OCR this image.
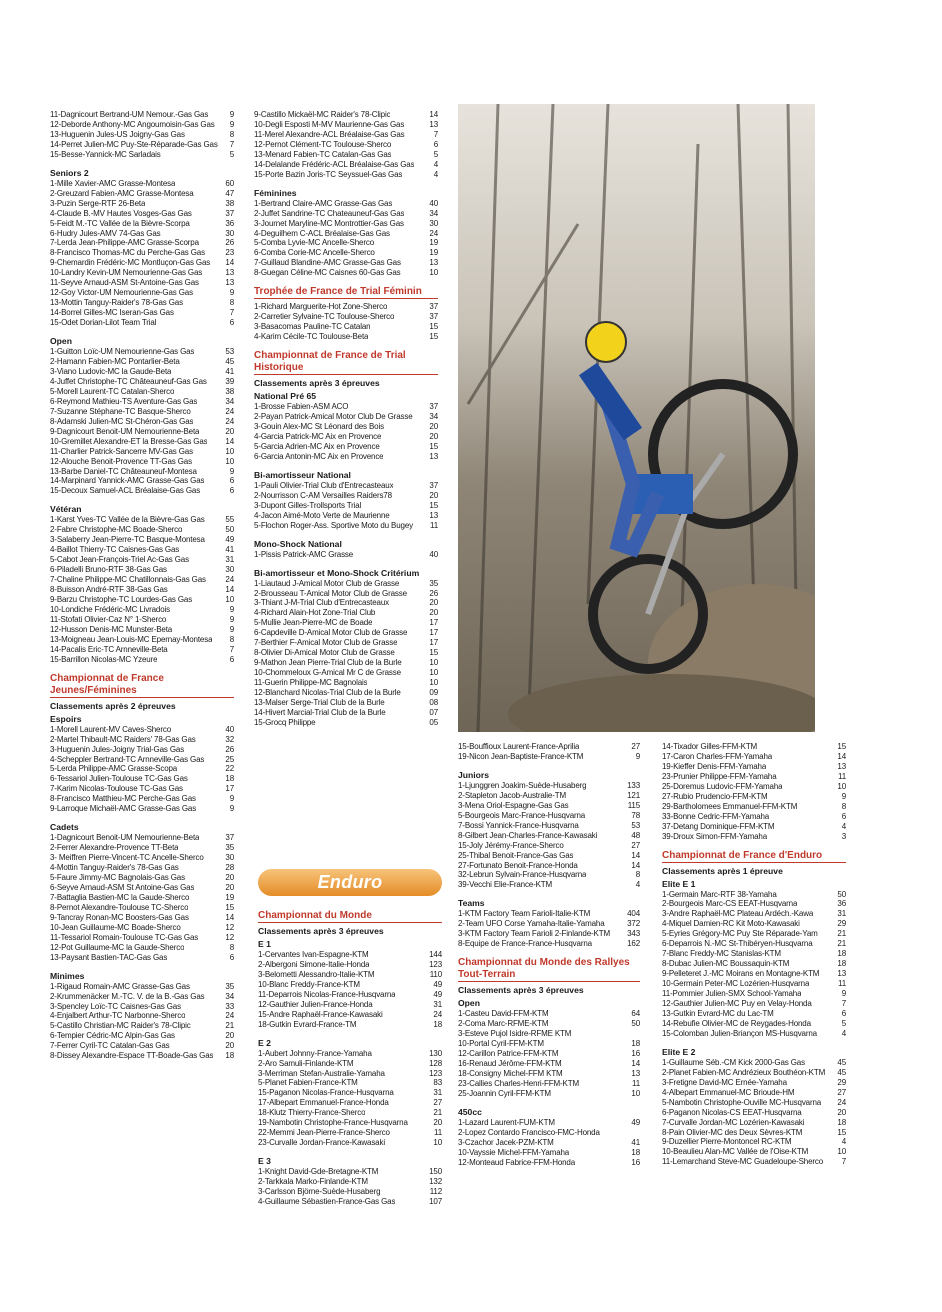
11-Dagnicourt Bertrand-UM Nemour.-Gas Gas	9
12-Deborde Anthony-MC Angoumoisin-Gas Gas 9
13-Huguenin Jules-US Joigny-Gas Gas	8
14-Perret Julien-MC Puy-Ste-Réparade-Gas Gas 7
15-Besse-Yannick-MC Sarladais	5
Seniors 2
1-Mille Xavier-AMC Grasse-Montesa	60
2-Greuzard Fabien-AMC Grasse-Montesa	47
3-Puzin Serge-RTF 26-Beta	38
4-Claude B.-MV Hautes Vosges-Gas Gas	37
5-Feidt M.-TC Vallée de la Bièvre-Scorpa	36
6-Hudry Jules-AMV 74-Gas Gas	30
7-Lerda Jean-Philippe-AMC Grasse-Scorpa	26
8-Francisco Thomas-MC du Perche-Gas Gas	23
9-Chemardin Frédéric-MC Montluçon-Gas Gas 14
10-Landry Kevin-UM Nemourienne-Gas Gas	13
11-Seyve Arnaud-ASM St-Antoine-Gas Gas	13
12-Goy Victor-UM Nemourienne-Gas Gas	9
13-Mottin Tanguy-Raider's 78-Gas Gas	8
14-Borrel Gilles-MC Iseran-Gas Gas	7
15-Odet Dorian-Lilot Team Trial	6
Open
1-Guitton Loïc-UM Nemourienne-Gas Gas	53
2-Hamann Fabien-MC Pontarlier-Beta	45
3-Viano Ludovic-MC la Gaude-Beta	41
4-Juffet Christophe-TC Châteauneuf-Gas Gas 39
5-Morell Laurent-TC Catalan-Sherco	38
6-Reymond Mathieu-TS Aventure-Gas Gas	34
7-Suzanne Stéphane-TC Basque-Sherco	24
8-Adamski Julien-MC St-Chéron-Gas Gas	24
9-Dagnicourt Benoit-UM Nemourienne-Beta	20
10-Gremillet Alexandre-ET la Bresse-Gas Gas 14
11-Charlier Patrick-Sancerre MV-Gas Gas	10
12-Alouche Benoit-Provence TT-Gas Gas	10
13-Barbe Daniel-TC Châteauneuf-Montesa	9
14-Marpinard Yannick-AMC Grasse-Gas Gas	6
15-Decoux Samuel-ACL Bréalaise-Gas Gas	6
Vétéran
1-Karst Yves-TC Vallée de la Bièvre-Gas Gas	55
2-Fabre Christophe-MC Boade-Sherco	50
3-Salaberry Jean-Pierre-TC Basque-Montesa	49
4-Baillot Thierry-TC Caisnes-Gas Gas	41
5-Cabot Jean-François-Triel Ac-Gas Gas	31
6-Piladelli Bruno-RTF 38-Gas Gas	30
7-Chaline Philippe-MC Chatillonnais-Gas Gas 24
8-Buisson André-RTF 38-Gas Gas	14
9-Barzu Christophe-TC Lourdes-Gas Gas	10
10-Londiche Frédéric-MC Livradois	9
11-Stofati Olivier-Caz N° 1-Sherco	9
12-Husson Denis-MC Munster-Beta	9
13-Moigneau Jean-Louis-MC Epernay-Montesa 8
14-Pacalis Eric-TC Arnneville-Beta	7
15-Barrillon Nicolas-MC Yzeure	6
Championnat de France Jeunes/Féminines
Classements après 2 épreuves
Espoirs
1-Morell Laurent-MV Caves-Sherco	40
2-Martel Thibault-MC Raiders' 78-Gas Gas	32
3-Huguenin Jules-Joigny Trial-Gas Gas	26
4-Scheppler Bertrand-TC Arnneville-Gas Gas	25
5-Lerda Philippe-AMC Grasse-Scopa	22
6-Tessariol Julien-Toulouse TC-Gas Gas	18
7-Karim Nicolas-Toulouse TC-Gas Gas	17
8-Francisco Matthieu-MC Perche-Gas Gas	9
9-Larroque Michaël-AMC Grasse-Gas Gas	9
Cadets
1-Dagnicourt Benoit-UM Nemourienne-Beta	37
2-Ferrer Alexandre-Provence TT-Beta	35
3- Meiffren Pierre-Vincent-TC Ancelle-Sherco	30
4-Mottin Tanguy-Raider's 78-Gas Gas	28
5-Faure Jimmy-MC Bagnolais-Gas Gas	20
6-Seyve Arnaud-ASM St Antoine-Gas Gas	20
7-Battaglia Bastien-MC la Gaude-Sherco	19
8-Pernot Alexandre-Toulouse TC-Sherco	15
9-Tancray Ronan-MC Boosters-Gas Gas	14
10-Jean Guillaume-MC Boade-Sherco	12
11-Tessariol Romain-Toulouse TC-Gas Gas	12
12-Pot Guillaume-MC la Gaude-Sherco	8
13-Paysant Bastien-TAC-Gas Gas	6
Minimes
1-Rigaud Romain-AMC Grasse-Gas Gas	35
2-Krummenäcker M.-TC. V. de la B.-Gas Gas	34
3-Spencley Loïc-TC Caisnes-Gas Gas	33
4-Enjalbert Arthur-TC Narbonne-Sherco	24
5-Castillo Christian-MC Raider's 78-Clipic	21
6-Tempier Cédric-MC Alpin-Gas Gas	20
7-Ferrer Cyril-TC Catalan-Gas Gas	20
8-Dissey Alexandre-Espace TT-Boade-Gas Gas 18
9-Castillo Mickaël-MC Raider's 78-Clipic	14
10-Degli Esposti M-MV Maurienne-Gas Gas	13
11-Merel Alexandre-ACL Bréalaise-Gas Gas	7
12-Pernot Clément-TC Toulouse-Sherco	6
13-Menard Fabien-TC Catalan-Gas Gas	5
14-Delalande Frédéric-ACL Bréalaise-Gas Gas 4
15-Porte Bazin Joris-TC Seyssuel-Gas Gas	4
Féminines
1-Bertrand Claire-AMC Grasse-Gas Gas	40
2-Juffet Sandrine-TC Chateauneuf-Gas Gas	34
3-Journet Maryline-MC Montrottier-Gas Gas	30
4-Deguilhem C-ACL Bréalaise-Gas Gas	24
5-Comba Lyvie-MC Ancelle-Sherco	19
6-Comba Corie-MC Ancelle-Sherco	19
7-Guillaud Blandine-AMC Grasse-Gas Gas	13
8-Guegan Céline-MC Caisnes 60-Gas Gas	10
Trophée de France de Trial Féminin
1-Richard Marguerite-Hot Zone-Sherco	37
2-Carretier Sylvaine-TC Toulouse-Sherco	37
3-Basacomas Pauline-TC Catalan	15
4-Karim Cécile-TC Toulouse-Beta	15
Championnat de France de Trial Historique
Classements après 3 épreuves
National Pré 65
1-Brosse Fabien-ASM ACO	37
2-Payan Patrick-Amical Motor Club De Grasse 34
3-Gouin Alex-MC St Léonard des Bois	20
4-Garcia Patrick-MC Aix en Provence	20
5-Garcia Adrien-MC Aix en Provence	15
6-Garcia Antonin-MC Aix en Provence	13
Bi-amortisseur National
1-Pauli Olivier-Trial Club d'Entrecasteaux	37
2-Nourrisson C-AM Versailles Raiders78	20
3-Dupont Gilles-Trollsports Trial	15
4-Jacon Aimé-Moto Verte de Maurienne	13
5-Flochon Roger-Ass. Sportive Moto du Bugey 11
Mono-Shock National
1-Pissis Patrick-AMC Grasse	40
Bi-amortisseur et Mono-Shock Critérium
1-Liautaud J-Amical Motor Club de Grasse	35
2-Brousseau T-Amical Motor Club de Grasse	26
3-Thiant J-M-Trial Club d'Entrecasteaux	20
4-Richard Alain-Hot Zone-Trial Club	20
5-Mullie Jean-Pierre-MC de Boade	17
6-Capdeville D-Amical Motor Club de Grasse	17
7-Berthier F-Amical Motor Club de Grasse	17
8-Olivier Di-Amical Motor Club de Grasse	15
9-Mathon Jean Pierre-Trial Club de la Burle	10
10-Chommeloux G-Amical Mr C de Grasse	10
11-Guerin Philippe-MC Bagnolais	10
12-Blanchard Nicolas-Trial Club de la Burle	09
13-Malser Serge-Trial Club de la Burle	08
14-Hivert Marcial-Trial Club de la Burle	07
15-Grocq Philippe	05
Enduro
Championnat du Monde
Classements après 3 épreuves
E 1
1-Cervantes Ivan-Espagne-KTM	144
2-Albergoni Simone-Italie-Honda	123
3-Belometti Alessandro-Italie-KTM	110
10-Blanc Freddy-France-KTM	49
11-Deparrois Nicolas-France-Husqvarna	49
12-Gauthier Julien-France-Honda	31
15-Andre Raphaël-France-Kawasaki	24
18-Gutkin Evrard-France-TM	18
E 2
1-Aubert Johnny-France-Yamaha	130
2-Aro Samuli-Finlande-KTM	128
3-Merriman Stefan-Australie-Yamaha	123
5-Planet Fabien-France-KTM	83
15-Paganon Nicolas-France-Husqvarna	31
17-Albepart Emmanuel-France-Honda	27
18-Klutz Thierry-France-Sherco	21
19-Nambotin Christophe-France-Husqvarna	20
22-Memmi Jean-Pierre-France-Sherco	11
23-Curvalle Jordan-France-Kawasaki	10
E 3
1-Knight David-Gde-Bretagne-KTM	150
2-Tarkkala Marko-Finlande-KTM	132
3-Carlsson Björne-Suède-Husaberg	112
4-Guillaume Sébastien-France-Gas Gas	107
15-Bouffioux Laurent-France-Aprilia	27
19-Nicon Jean-Baptiste-France-KTM	9
Juniors
1-Ljunggren Joakim-Suède-Husaberg	133
2-Stapleton Jacob-Australie-TM	121
3-Mena Oriol-Espagne-Gas Gas	115
5-Bourgeois Marc-France-Husqvarna	78
7-Bossi Yannick-France-Husqvarna	53
8-Gilbert Jean-Charles-France-Kawasaki	48
15-Joly Jérémy-France-Sherco	27
25-Thibal Benoit-France-Gas Gas	14
27-Fortunato Benoit-France-Honda	14
32-Lebrun Sylvain-France-Husqvarna	8
39-Vecchi Elie-France-KTM	4
Teams
1-KTM Factory Team Farioli-Italie-KTM	404
2-Team UFO Corse Yamaha-Italie-Yamaha	372
3-KTM Factory Team Farioli 2-Finlande-KTM 343
8-Equipe de France-France-Husqvarna	162
Championnat du Monde des Rallyes Tout-Terrain
Classements après 3 épreuves
Open
1-Casteu David-FFM-KTM	64
2-Coma Marc-RFME-KTM	50
3-Esteve Pujol Isidre-RFME KTM
10-Portal Cyril-FFM-KTM	18
12-Carillon Patrice-FFM-KTM	16
16-Renaud Jérôme-FFM-KTM	14
18-Consigny Michel-FFM KTM	13
23-Callies Charles-Henri-FFM-KTM	11
25-Joannin Cyril-FFM-KTM	10
450cc
1-Lazard Laurent-FUM-KTM	49
2-Lopez Contardo Francisco-FMC-Honda
3-Czachor Jacek-PZM-KTM	41
10-Vayssie Michel-FFM-Yamaha	18
12-Monteaud Fabrice-FFM-Honda	16
14-Tixador Gilles-FFM-KTM	15
17-Caron Charles-FFM-Yamaha	14
19-Kieffer Denis-FFM-Yamaha	13
23-Prunier Philippe-FFM-Yamaha	11
25-Doremus Ludovic-FFM-Yamaha	10
27-Rubio Prudencio-FFM-KTM	9
29-Bartholomees Emmanuel-FFM-KTM	8
33-Bonne Cedric-FFM-Yamaha	6
37-Detang Dominique-FFM-KTM	4
39-Droux Simon-FFM-Yamaha	3
Championnat de France d'Enduro
Classements après 1 épreuve
Elite E 1
1-Germain Marc-RTF 38-Yamaha	50
2-Bourgeois Marc-CS EEAT-Husqvarna	36
3-Andre Raphaël-MC Plateau Ardéch.-Kawa	31
4-Miquel Damien-RC Kit Moto-Kawasaki	29
5-Eyries Grégory-MC Puy Ste Réparade-Yam 21
6-Deparrois N.-MC St-Thibéryen-Husqvarna	21
7-Blanc Freddy-MC Stanislas-KTM	18
8-Dubac Julien-MC Boussaquin-KTM	18
9-Pelleteret J.-MC Moirans en Montagne-KTM 13
10-Germain Peter-MC Lozérien-Husqvarna	11
11-Pommier Julien-SMX School-Yamaha	9
12-Gauthier Julien-MC Puy en Velay-Honda	7
13-Gutkin Evrard-MC du Lac-TM	6
14-Rebufie Olivier-MC de Reygades-Honda	5
15-Colomban Julien-Briançon MS-Husqvarna	4
Elite E 2
1-Guillaume Séb.-CM Kick 2000-Gas Gas	45
2-Planet Fabien-MC Andrézieux Bouthéon-KTM 45
3-Fretigne David-MC Ernée-Yamaha	29
4-Albepart Emmanuel-MC Brioude-HM	27
5-Nambotin Christophe-Ouville MC-Husqvarna 24
6-Paganon Nicolas-CS EEAT-Husqvarna	20
7-Curvalle Jordan-MC Lozérien-Kawasaki	18
8-Pain Olivier-MC des Deux Sèvres-KTM	15
9-Duzellier Pierre-Montoncel RC-KTM	4
10-Beaulieu Alan-MC Vallée de l'Oise-KTM	10
11-Lemarchand Steve-MC Guadeloupe-Sherco 7
